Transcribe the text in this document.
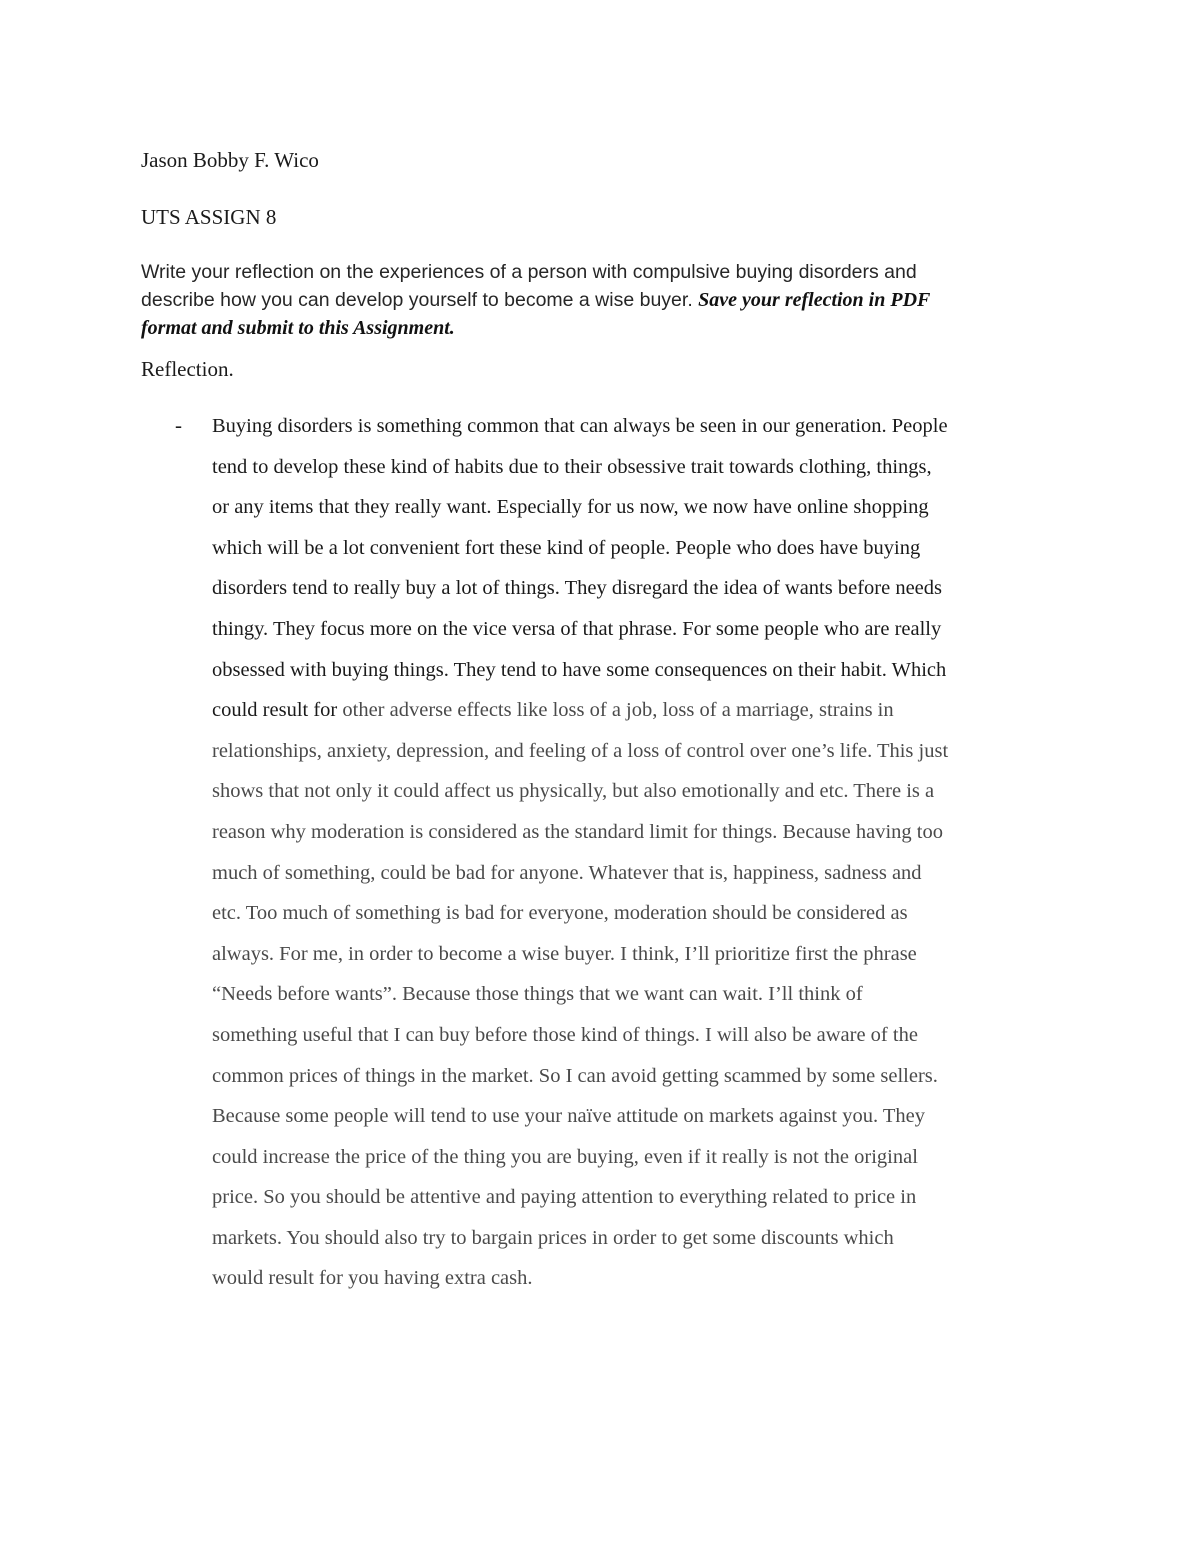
Jason Bobby F. Wico
UTS ASSIGN 8
Write your reflection on the experiences of a person with compulsive buying disorders and
describe how you can develop yourself to become a wise buyer. Save your reflection in PDF
format and submit to this Assignment.
Reflection.
- Buying disorders is something common that can always be seen in our generation. People
tend to develop these kind of habits due to their obsessive trait towards clothing, things,
or any items that they really want. Especially for us now, we now have online shopping
which will be a lot convenient fort these kind of people. People who does have buying
disorders tend to really buy a lot of things. They disregard the idea of wants before needs
thingy. They focus more on the vice versa of that phrase. For some people who are really
obsessed with buying things. They tend to have some consequences on their habit. Which
could result for other adverse effects like loss of a job, loss of a marriage, strains in
relationships, anxiety, depression, and feeling of a loss of control over one’s life. This just
shows that not only it could affect us physically, but also emotionally and etc. There is a
reason why moderation is considered as the standard limit for things. Because having too
much of something, could be bad for anyone. Whatever that is, happiness, sadness and
etc. Too much of something is bad for everyone, moderation should be considered as
always. For me, in order to become a wise buyer. I think, I’ll prioritize first the phrase
“Needs before wants”. Because those things that we want can wait. I’ll think of
something useful that I can buy before those kind of things. I will also be aware of the
common prices of things in the market. So I can avoid getting scammed by some sellers.
Because some people will tend to use your naïve attitude on markets against you. They
could increase the price of the thing you are buying, even if it really is not the original
price. So you should be attentive and paying attention to everything related to price in
markets. You should also try to bargain prices in order to get some discounts which
would result for you having extra cash.
